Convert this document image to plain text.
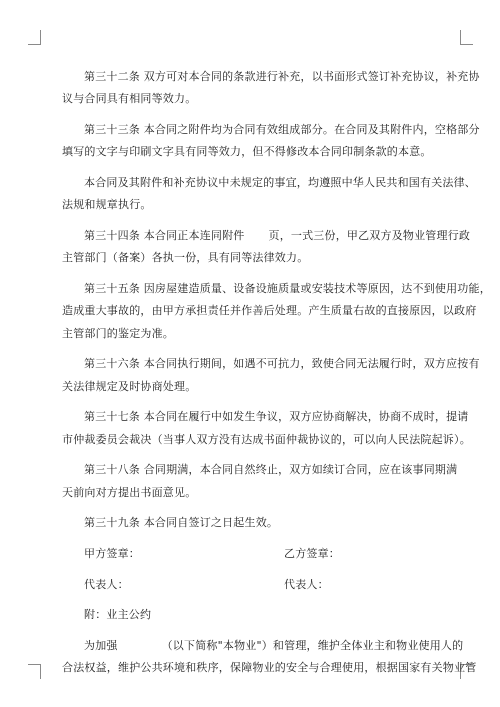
第三十二条 双方可对本合同的条款进行补充，以书面形式签订补充协议，补充协
议与合同具有相同等效力。

第三十三条 本合同之附件均为合同有效组成部分。在合同及其附件内，空格部分
填写的文字与印刷文字具有同等效力，但不得修改本合同印制条款的本意。

本合同及其附件和补充协议中未规定的事宜，均遵照中华人民共和国有关法律、
法规和规章执行。

第三十四条 本合同正本连同附件 页，一式三份，甲乙双方及物业管理行政
主管部门（备案）各执一份，具有同等法律效力。

第三十五条 因房屋建造质量、设备设施质量或安装技术等原因，达不到使用功能，
造成重大事故的，由甲方承担责任并作善后处理。产生质量右故的直接原因，以政府
主管部门的鉴定为准。

第三十六条 本合同执行期间，如遇不可抗力，致使合同无法履行时，双方应按有
关法律规定及时协商处理。

第三十七条 本合同在履行中如发生争议，双方应协商解决，协商不成时，提请
市仲裁委员会裁决（当事人双方没有达成书面仲裁协议的，可以向人民法院起诉）。

第三十八条 合同期满，本合同自然终止，双方如续订合同，应在该事同期满
天前向对方提出书面意见。

第三十九条 本合同自签订之日起生效。

甲方签章：	乙方签章：
代表人：	代表人：

附：业主公约

为加强	（以下简称"本物业"）和管理，维护全体业主和物业使用人的
合法权益，维护公共环境和秩序，保障物业的安全与合理使用，根据国家有关物业管
